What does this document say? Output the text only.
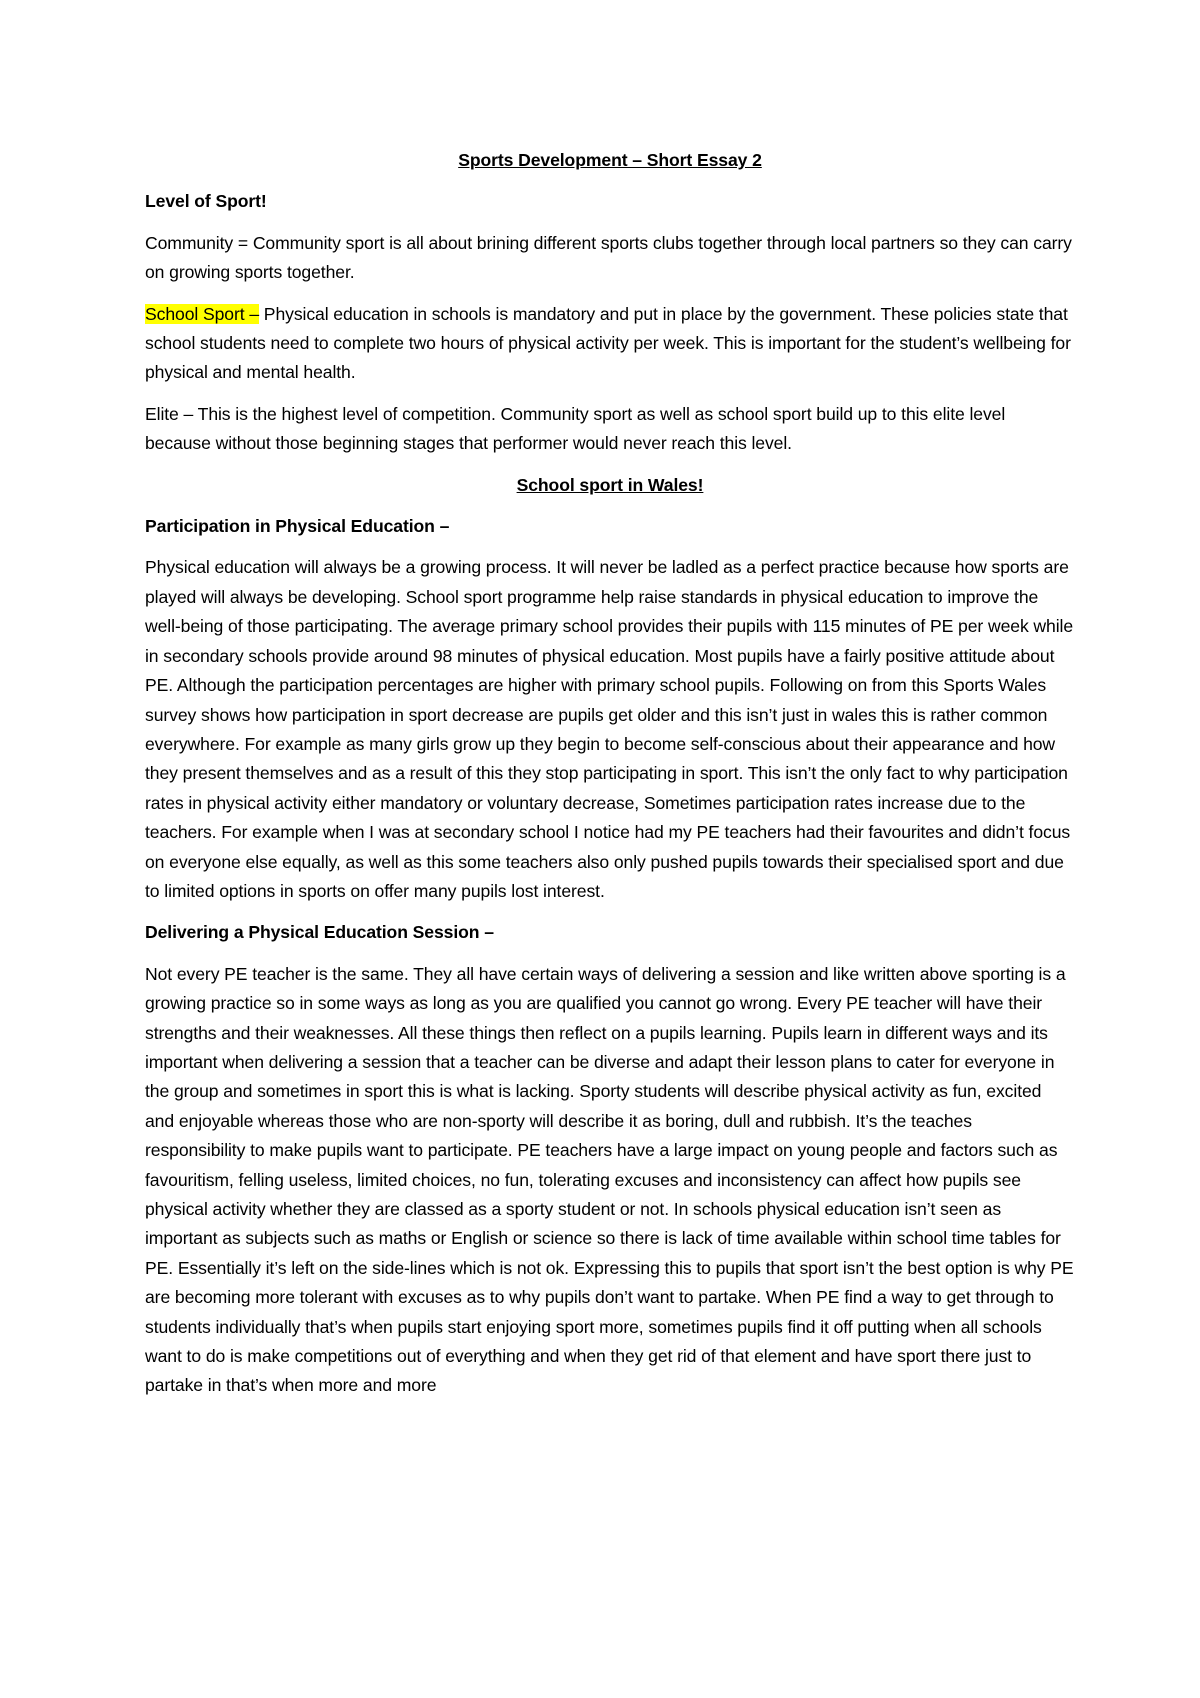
Sports Development – Short Essay 2
Level of Sport!

Community = Community sport is all about brining different sports clubs together through local partners so they can carry on growing sports together.

School Sport – Physical education in schools is mandatory and put in place by the government. These policies state that school students need to complete two hours of physical activity per week. This is important for the student’s wellbeing for physical and mental health.

Elite – This is the highest level of competition. Community sport as well as school sport build up to this elite level because without those beginning stages that performer would never reach this level.

School sport in Wales!
Participation in Physical Education –

Physical education will always be a growing process. It will never be ladled as a perfect practice because how sports are played will always be developing. School sport programme help raise standards in physical education to improve the well-being of those participating. The average primary school provides their pupils with 115 minutes of PE per week while in secondary schools provide around 98 minutes of physical education. Most pupils have a fairly positive attitude about PE. Although the participation percentages are higher with primary school pupils. Following on from this Sports Wales survey shows how participation in sport decrease are pupils get older and this isn’t just in wales this is rather common everywhere. For example as many girls grow up they begin to become self-conscious about their appearance and how they present themselves and as a result of this they stop participating in sport. This isn’t the only fact to why participation rates in physical activity either mandatory or voluntary decrease, Sometimes participation rates increase due to the teachers. For example when I was at secondary school I notice had my PE teachers had their favourites and didn’t focus on everyone else equally, as well as this some teachers also only pushed pupils towards their specialised sport and due to limited options in sports on offer many pupils lost interest.

Delivering a Physical Education Session –

Not every PE teacher is the same. They all have certain ways of delivering a session and like written above sporting is a growing practice so in some ways as long as you are qualified you cannot go wrong. Every PE teacher will have their strengths and their weaknesses. All these things then reflect on a pupils learning. Pupils learn in different ways and its important when delivering a session that a teacher can be diverse and adapt their lesson plans to cater for everyone in the group and sometimes in sport this is what is lacking. Sporty students will describe physical activity as fun, excited and enjoyable whereas those who are non-sporty will describe it as boring, dull and rubbish. It’s the teaches responsibility to make pupils want to participate. PE teachers have a large impact on young people and factors such as favouritism, felling useless, limited choices, no fun, tolerating excuses and inconsistency can affect how pupils see physical activity whether they are classed as a sporty student or not. In schools physical education isn’t seen as important as subjects such as maths or English or science so there is lack of time available within school time tables for PE. Essentially it’s left on the side-lines which is not ok. Expressing this to pupils that sport isn’t the best option is why PE are becoming more tolerant with excuses as to why pupils don’t want to partake. When PE find a way to get through to students individually that’s when pupils start enjoying sport more, sometimes pupils find it off putting when all schools want to do is make competitions out of everything and when they get rid of that element and have sport there just to partake in that’s when more and more
